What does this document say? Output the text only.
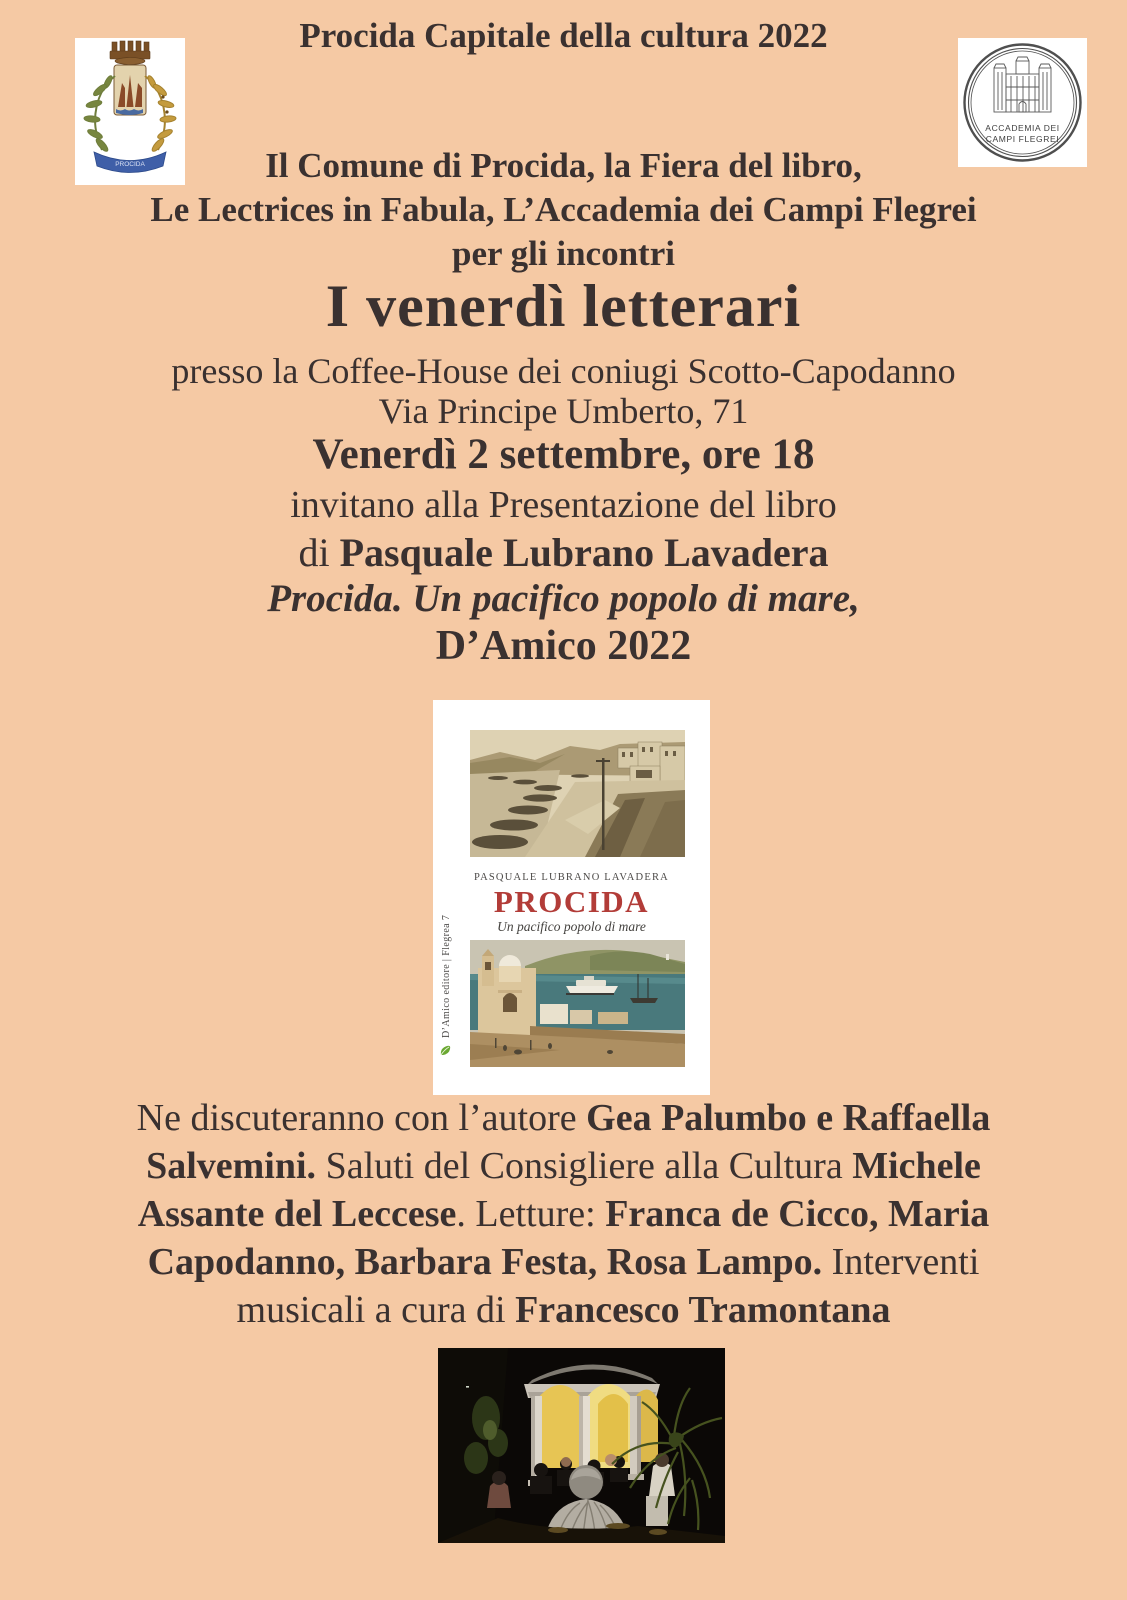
PROCIDA
ACCADEMIA DEI
CAMPI FLEGREI
Procida Capitale della cultura 2022
Il Comune di Procida, la Fiera del libro,
Le Lectrices in Fabula, L’Accademia dei Campi Flegrei
per gli incontri
I venerdì letterari
presso la Coffee-House dei coniugi Scotto-Capodanno
Via Principe Umberto, 71
Venerdì 2 settembre, ore 18
invitano alla Presentazione del libro
di Pasquale Lubrano Lavadera
Procida. Un pacifico popolo di mare,
D’Amico 2022
PASQUALE LUBRANO LAVADERA
PROCIDA
Un pacifico popolo di mare
D’Amico editore | Flegrea 7
Ne discuteranno con l’autore Gea Palumbo e Raffaella Salvemini. Saluti del Consigliere alla Cultura Michele Assante del Leccese. Letture: Franca de Cicco, Maria Capodanno, Barbara Festa, Rosa Lampo. Interventi musicali a cura di Francesco Tramontana
